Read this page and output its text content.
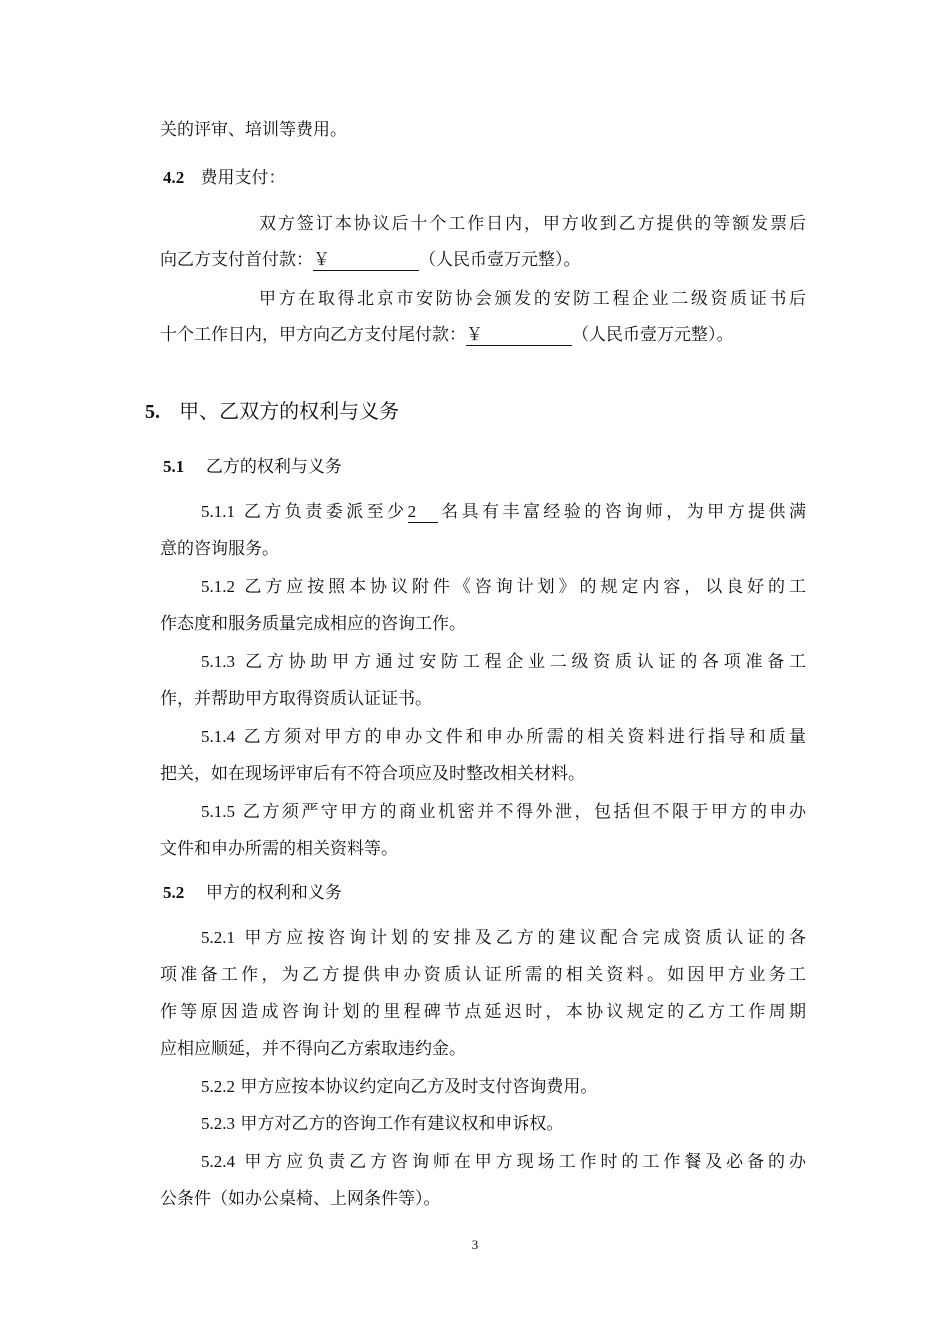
关的评审、培训等费用。
4.2 费用支付：
双方签订本协议后十个工作日内，甲方收到乙方提供的等额发票后
向乙方支付首付款：￥	（人民币壹万元整）。
甲方在取得北京市安防协会颁发的安防工程企业二级资质证书后
十个工作日内，甲方向乙方支付尾付款：￥	（人民币壹万元整）。
5. 甲、乙双方的权利与义务
5.1 乙方的权利与义务
5.1.1 乙方负责委派至少2 名具有丰富经验的咨询师，为甲方提供满
意的咨询服务。
5.1.2 乙方应按照本协议附件《咨询计划》的规定内容，以良好的工
作态度和服务质量完成相应的咨询工作。
5.1.3 乙方协助甲方通过安防工程企业二级资质认证的各项准备工
作，并帮助甲方取得资质认证证书。
5.1.4 乙方须对甲方的申办文件和申办所需的相关资料进行指导和质量
把关，如在现场评审后有不符合项应及时整改相关材料。
5.1.5 乙方须严守甲方的商业机密并不得外泄，包括但不限于甲方的申办
文件和申办所需的相关资料等。
5.2 甲方的权利和义务
5.2.1 甲方应按咨询计划的安排及乙方的建议配合完成资质认证的各
项准备工作，为乙方提供申办资质认证所需的相关资料。如因甲方业务工
作等原因造成咨询计划的里程碑节点延迟时，本协议规定的乙方工作周期
应相应顺延，并不得向乙方索取违约金。
5.2.2 甲方应按本协议约定向乙方及时支付咨询费用。
5.2.3 甲方对乙方的咨询工作有建议权和申诉权。
5.2.4 甲方应负责乙方咨询师在甲方现场工作时的工作餐及必备的办
公条件（如办公桌椅、上网条件等）。
3
